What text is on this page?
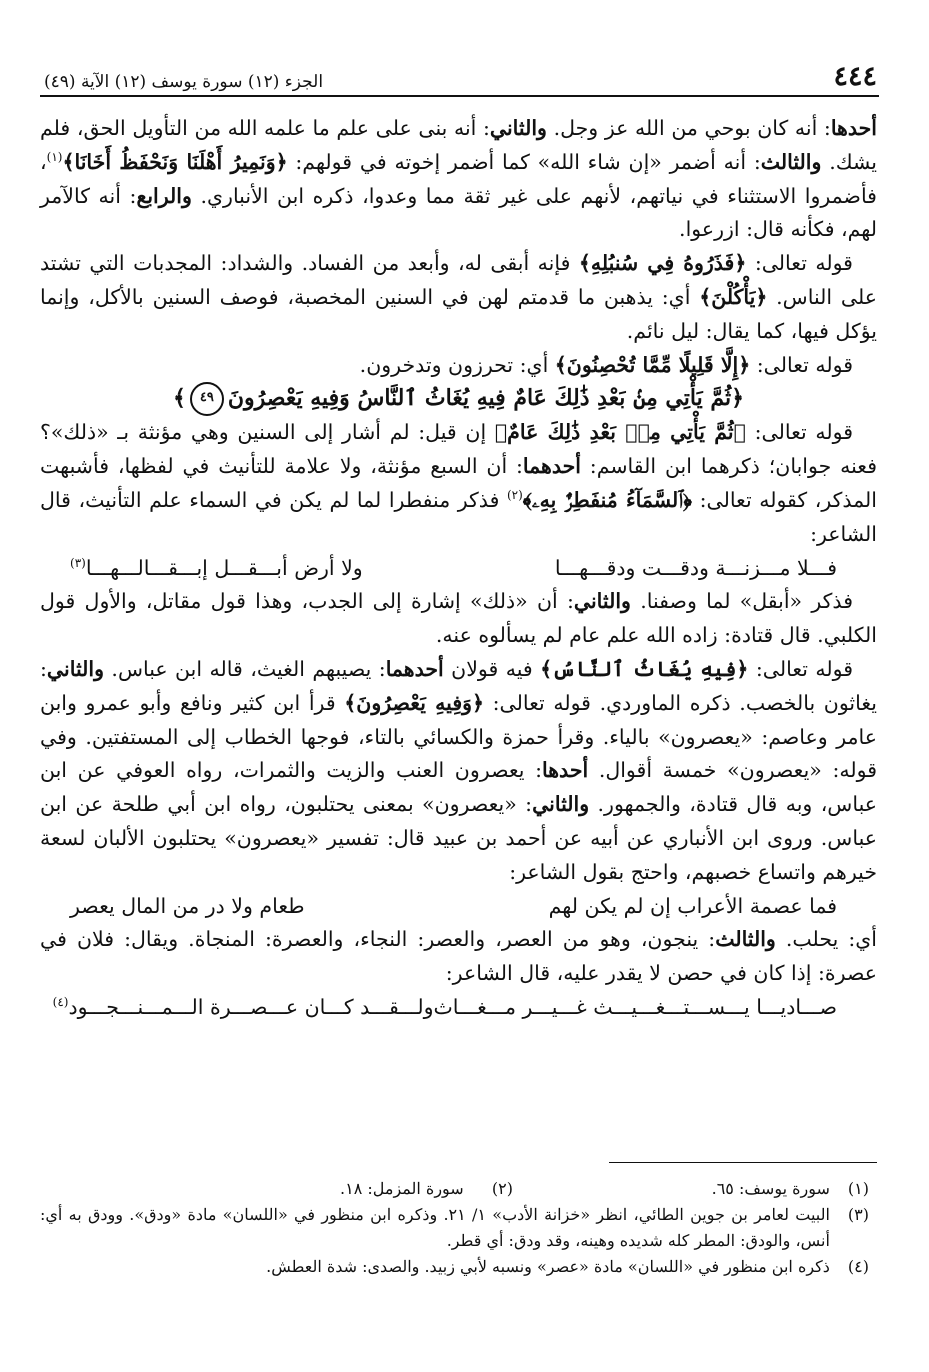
٤٤٤
الجزء (١٢) سورة يوسف (١٢) الآية (٤٩)

أحدها: أنه كان بوحي من الله عز وجل. والثاني: أنه بنى على علم ما علمه الله من التأويل الحق، فلم يشك. والثالث: أنه أضمر «إن شاء الله» كما أضمر إخوته في قولهم: ﴿وَنَمِيرُ أَهْلَنَا وَنَحْفَظُ أَخَانَا﴾$^{(١)}$، فأضمروا الاستثناء في نياتهم، لأنهم على غير ثقة مما وعدوا، ذكره ابن الأنباري. والرابع: أنه كالآمر لهم، فكأنه قال: ازرعوا.

قوله تعالى: ﴿فَذَرُوهُ فِي سُنبُلِهِ﴾ فإنه أبقى له، وأبعد من الفساد. والشداد: المجدبات التي تشتد على الناس. ﴿يَأْكُلْنَ﴾ أي: يذهبن ما قدمتم لهن في السنين المخصبة، فوصف السنين بالأكل، وإنما يؤكل فيها، كما يقال: ليل نائم.

قوله تعالى: ﴿إِلَّا قَلِيلًا مِّمَّا تُحْصِنُونَ﴾ أي: تحرزون وتدخرون.

﴿ثُمَّ يَأْتِي مِنۢ بَعْدِ ذَٰلِكَ عَامٌ فِيهِ يُغَاثُ ٱلنَّاسُ وَفِيهِ يَعْصِرُونَ٤٩﴾

قوله تعالى: ﴿ثُمَّ يَأْتِي مِنۢ بَعْدِ ذَٰلِكَ عَامٌ﴾ إن قيل: لم أشار إلى السنين وهي مؤنثة بـ «ذلك»؟ فعنه جوابان؛ ذكرهما ابن القاسم: أحدهما: أن السبع مؤنثة، ولا علامة للتأنيث في لفظها، فأشبهت المذكر، كقوله تعالى: ﴿ٱلسَّمَآءُ مُنفَطِرٌۢ بِهِۦ﴾$^{(٢)}$ فذكر منفطرا لما لم يكن في السماء علم التأنيث، قال الشاعر:

فـــلا مـــزنـــة ودقـــت ودقـــهـــا
ولا أرض أبـــقـــل إبـــقـــالـــهـــا$^{(٣)}$

فذكر «أبقل» لما وصفنا. والثاني: أن «ذلك» إشارة إلى الجدب، وهذا قول مقاتل، والأول قول الكلبي. قال قتادة: زاده الله علم عام لم يسألوه عنه.

قوله تعالى: ﴿فِيهِ يُغَاثُ ٱلنَّاسُ﴾ فيه قولان أحدهما: يصيبهم الغيث، قاله ابن عباس. والثاني: يغاثون بالخصب. ذكره الماوردي. قوله تعالى: ﴿وَفِيهِ يَعْصِرُونَ﴾ قرأ ابن كثير ونافع وأبو عمرو وابن عامر وعاصم: «يعصرون» بالياء. وقرأ حمزة والكسائي بالتاء، فوجها الخطاب إلى المستفتين. وفي قوله: «يعصرون» خمسة أقوال. أحدها: يعصرون العنب والزيت والثمرات، رواه العوفي عن ابن عباس، وبه قال قتادة، والجمهور. والثاني: «يعصرون» بمعنى يحتلبون، رواه ابن أبي طلحة عن ابن عباس. وروى ابن الأنباري عن أبيه عن أحمد بن عبيد قال: تفسير «يعصرون» يحتلبون الألبان لسعة خيرهم واتساع خصبهم، واحتج بقول الشاعر:

فما عصمة الأعراب إن لم يكن لهم
طعام ولا در من المال يعصر

أي: يحلب. والثالث: ينجون، وهو من العصر، والعصر: النجاء، والعصرة: المنجاة. ويقال: فلان في عصرة: إذا كان في حصن لا يقدر عليه، قال الشاعر:

صـــاديـــا يـــســـتـــغـــيـــث غـــيـــر مـــغـــاث
ولـــقـــد كـــان عـــصـــرة الـــمـــنـــجـــود$^{(٤)}$

(١)
سورة يوسف: ٦٥.
(٢)  سورة المزمل: ١٨.
(٣)
البيت لعامر بن جوين الطائي، انظر «خزانة الأدب» ١/ ٢١. وذكره ابن منظور في «اللسان» مادة «ودق». وودق به أي: أنس، والودق: المطر كله شديده وهينه، وقد ودق: أي قطر.
(٤)
ذكره ابن منظور في «اللسان» مادة «عصر» ونسبه لأبي زبيد. والصدى: شدة العطش.
